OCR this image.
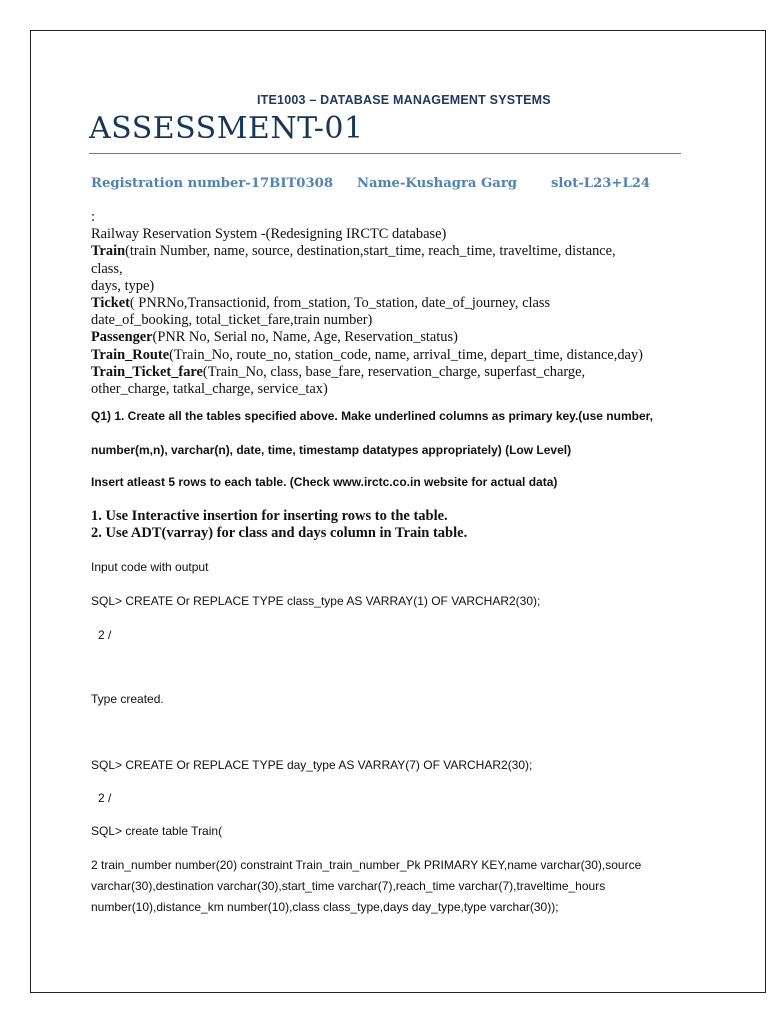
ITE1003 – DATABASE MANAGEMENT SYSTEMS
ASSESSMENT-01
Registration number-17BIT0308 Name-Kushagra Garg	slot-L23+L24
:
Railway Reservation System -(Redesigning IRCTC database)
Train(train Number, name, source, destination,start_time, reach_time, traveltime, distance,
class,
days, type)
Ticket( PNRNo,Transactionid, from_station, To_station, date_of_journey, class
date_of_booking, total_ticket_fare,train number)
Passenger(PNR No, Serial no, Name, Age, Reservation_status)
Train_Route(Train_No, route_no, station_code, name, arrival_time, depart_time, distance,day)
Train_Ticket_fare(Train_No, class, base_fare, reservation_charge, superfast_charge,
other_charge, tatkal_charge, service_tax)
Q1) 1. Create all the tables specified above. Make underlined columns as primary key.(use number,
number(m,n), varchar(n), date, time, timestamp datatypes appropriately) (Low Level)
Insert atleast 5 rows to each table. (Check www.irctc.co.in website for actual data)
1. Use Interactive insertion for inserting rows to the table.
2. Use ADT(varray) for class and days column in Train table.
Input code with output
SQL> CREATE Or REPLACE TYPE class_type AS VARRAY(1) OF VARCHAR2(30);
2 /
Type created.
SQL> CREATE Or REPLACE TYPE day_type AS VARRAY(7) OF VARCHAR2(30);
2 /
SQL> create table Train(
2 train_number number(20) constraint Train_train_number_Pk PRIMARY KEY,name varchar(30),source varchar(30),destination varchar(30),start_time varchar(7),reach_time varchar(7),traveltime_hours number(10),distance_km number(10),class class_type,days day_type,type varchar(30));
